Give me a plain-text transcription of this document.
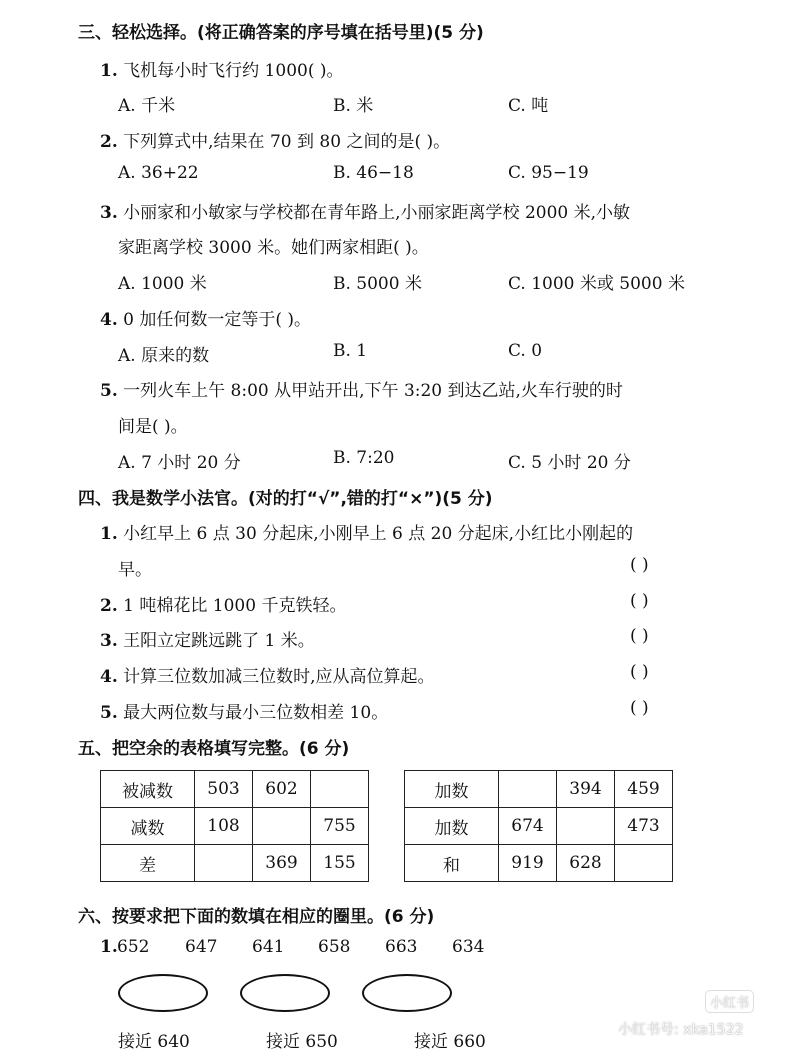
三、轻松选择。(将正确答案的序号填在括号里)(5 分)
1. 飞机每小时飞行约 1000( )。
A. 千米	B. 米	C. 吨
2. 下列算式中,结果在 70 到 80 之间的是( )。
A. 36+22	B. 46−18	C. 95−19
3. 小丽家和小敏家与学校都在青年路上,小丽家距离学校 2000 米,小敏
家距离学校 3000 米。她们两家相距( )。
A. 1000 米	B. 5000 米	C. 1000 米或 5000 米
4. 0 加任何数一定等于( )。
A. 原来的数	B. 1	C. 0
5. 一列火车上午 8:00 从甲站开出,下午 3:20 到达乙站,火车行驶的时
间是( )。
A. 7 小时 20 分	B. 7:20	C. 5 小时 20 分
四、我是数学小法官。(对的打“√”,错的打“×”)(5 分)
1. 小红早上 6 点 30 分起床,小刚早上 6 点 20 分起床,小红比小刚起的
早。	( )
2. 1 吨棉花比 1000 千克铁轻。	( )
3. 王阳立定跳远跳了 1 米。	( )
4. 计算三位数加减三位数时,应从高位算起。	( )
5. 最大两位数与最小三位数相差 10。	( )
五、把空余的表格填写完整。(6 分)
被减数	503	602	
减数	108		755
差		369	155
加数		394	459
加数	674		473
和	919	628	
六、按要求把下面的数填在相应的圈里。(6 分)
1. 652 647 641 658 663 634
接近 640	接近 650	接近 660
小红书
小红书号: xka1522
